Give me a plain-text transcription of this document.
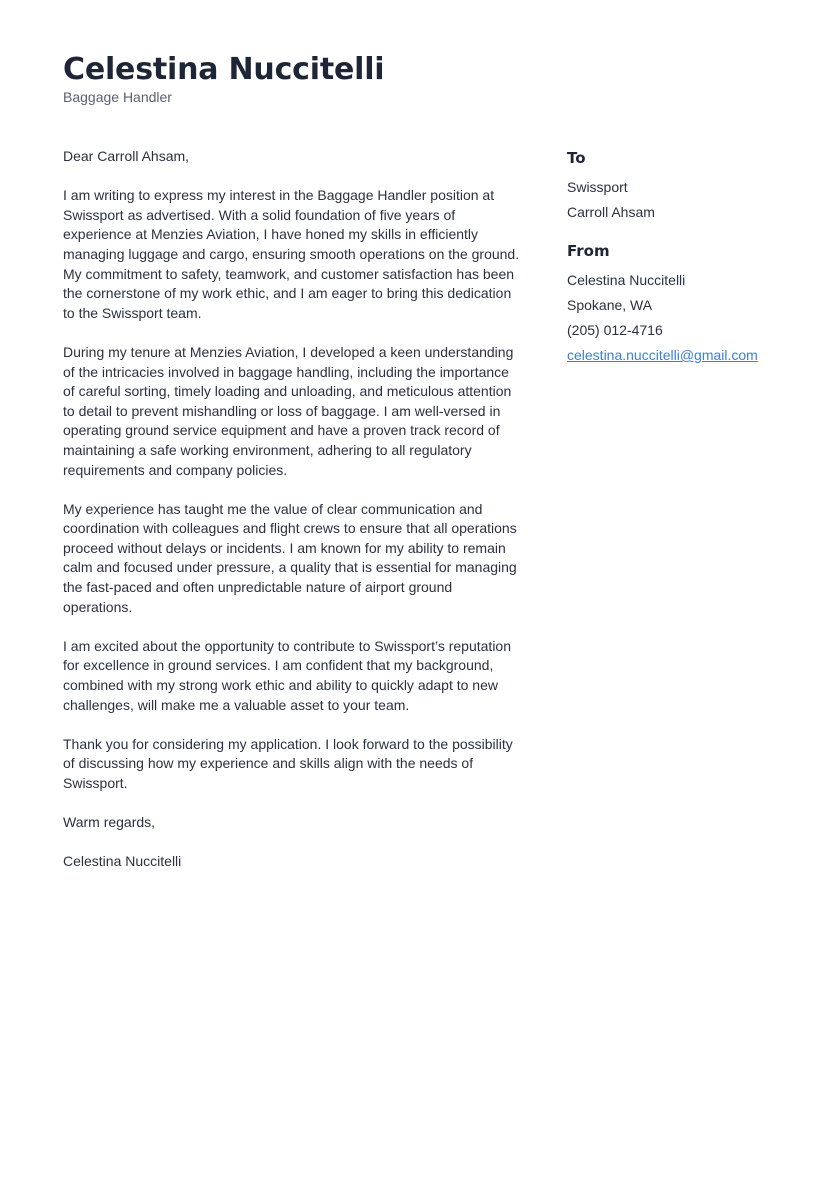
Celestina Nuccitelli
Baggage Handler

Dear Carroll Ahsam,

I am writing to express my interest in the Baggage Handler position at Swissport as advertised. With a solid foundation of five years of experience at Menzies Aviation, I have honed my skills in efficiently managing luggage and cargo, ensuring smooth operations on the ground. My commitment to safety, teamwork, and customer satisfaction has been the cornerstone of my work ethic, and I am eager to bring this dedication to the Swissport team.

During my tenure at Menzies Aviation, I developed a keen understanding of the intricacies involved in baggage handling, including the importance of careful sorting, timely loading and unloading, and meticulous attention to detail to prevent mishandling or loss of baggage. I am well-versed in operating ground service equipment and have a proven track record of maintaining a safe working environment, adhering to all regulatory requirements and company policies.

My experience has taught me the value of clear communication and coordination with colleagues and flight crews to ensure that all operations proceed without delays or incidents. I am known for my ability to remain calm and focused under pressure, a quality that is essential for managing the fast-paced and often unpredictable nature of airport ground operations.

I am excited about the opportunity to contribute to Swissport’s reputation for excellence in ground services. I am confident that my background, combined with my strong work ethic and ability to quickly adapt to new challenges, will make me a valuable asset to your team.

Thank you for considering my application. I look forward to the possibility of discussing how my experience and skills align with the needs of Swissport.

Warm regards,

Celestina Nuccitelli

To
Swissport
Carroll Ahsam
From
Celestina Nuccitelli
Spokane, WA
(205) 012-4716
celestina.nuccitelli@gmail.com
